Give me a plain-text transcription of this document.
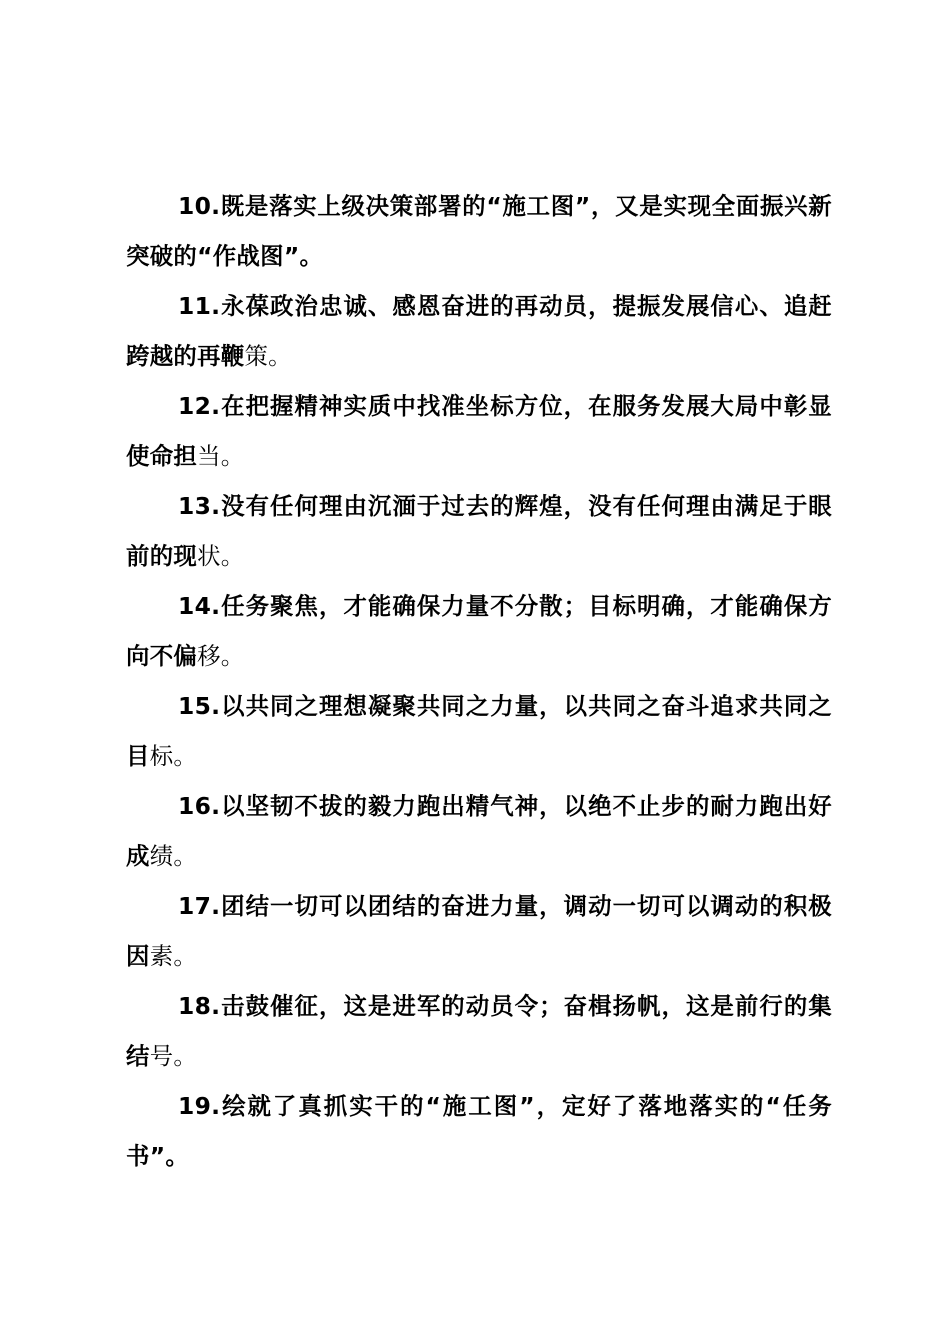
10.既是落实上级决策部署的“施工图”，又是实现全面振兴新突破的“作战图”。

11.永葆政治忠诚、感恩奋进的再动员，提振发展信心、追赶跨越的再鞭策。

12.在把握精神实质中找准坐标方位，在服务发展大局中彰显使命担当。

13.没有任何理由沉湎于过去的辉煌，没有任何理由满足于眼前的现状。

14.任务聚焦，才能确保力量不分散；目标明确，才能确保方向不偏移。

15.以共同之理想凝聚共同之力量，以共同之奋斗追求共同之目标。

16.以坚韧不拔的毅力跑出精气神，以绝不止步的耐力跑出好成绩。

17.团结一切可以团结的奋进力量，调动一切可以调动的积极因素。

18.击鼓催征，这是进军的动员令；奋楫扬帆，这是前行的集结号。

19.绘就了真抓实干的“施工图”，定好了落地落实的“任务书”。
